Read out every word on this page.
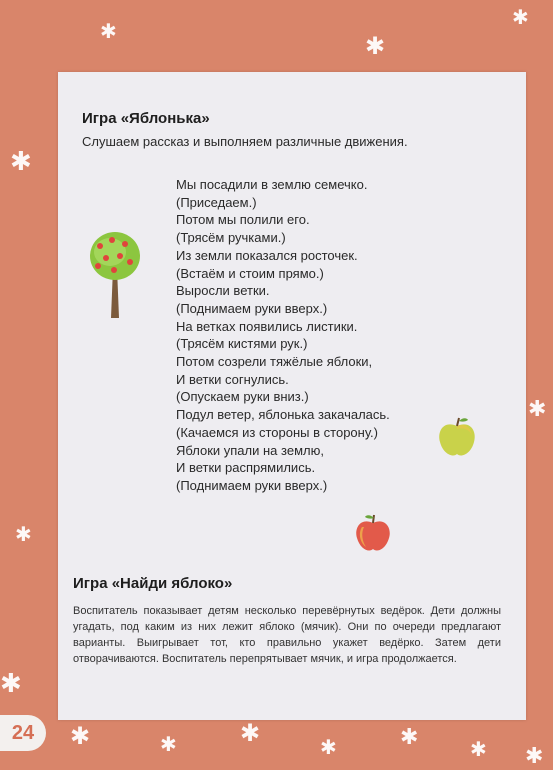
✱
✱
✱
✱
✱
✱
✱
✱	✱	✱
✱	✱
✱ ✱
Игра «Яблонька»
Слушаем рассказ и выполняем различные движения.
Мы посадили в землю семечко.
(Приседаем.)
Потом мы полили его.
(Трясём ручками.)
Из земли показался росточек.
(Встаём и стоим прямо.)
Выросли ветки.
(Поднимаем руки вверх.)
На ветках появились листики.
(Трясём кистями рук.)
Потом созрели тяжёлые яблоки,
И ветки согнулись.
(Опускаем руки вниз.)
Подул ветер, яблонька закачалась.
(Качаемся из стороны в сторону.)
Яблоки упали на землю,
И ветки распрямились.
(Поднимаем руки вверх.)
Игра «Найди яблоко»
Воспитатель показывает детям несколько перевёрнутых ведёрок. Дети должны угадать, под каким из них лежит яблоко (мячик). Они по очереди предлагают варианты. Выигрывает тот, кто правильно укажет ведёрко. Затем дети отворачиваются. Воспитатель перепрятывает мячик, и игра продолжается.
24
